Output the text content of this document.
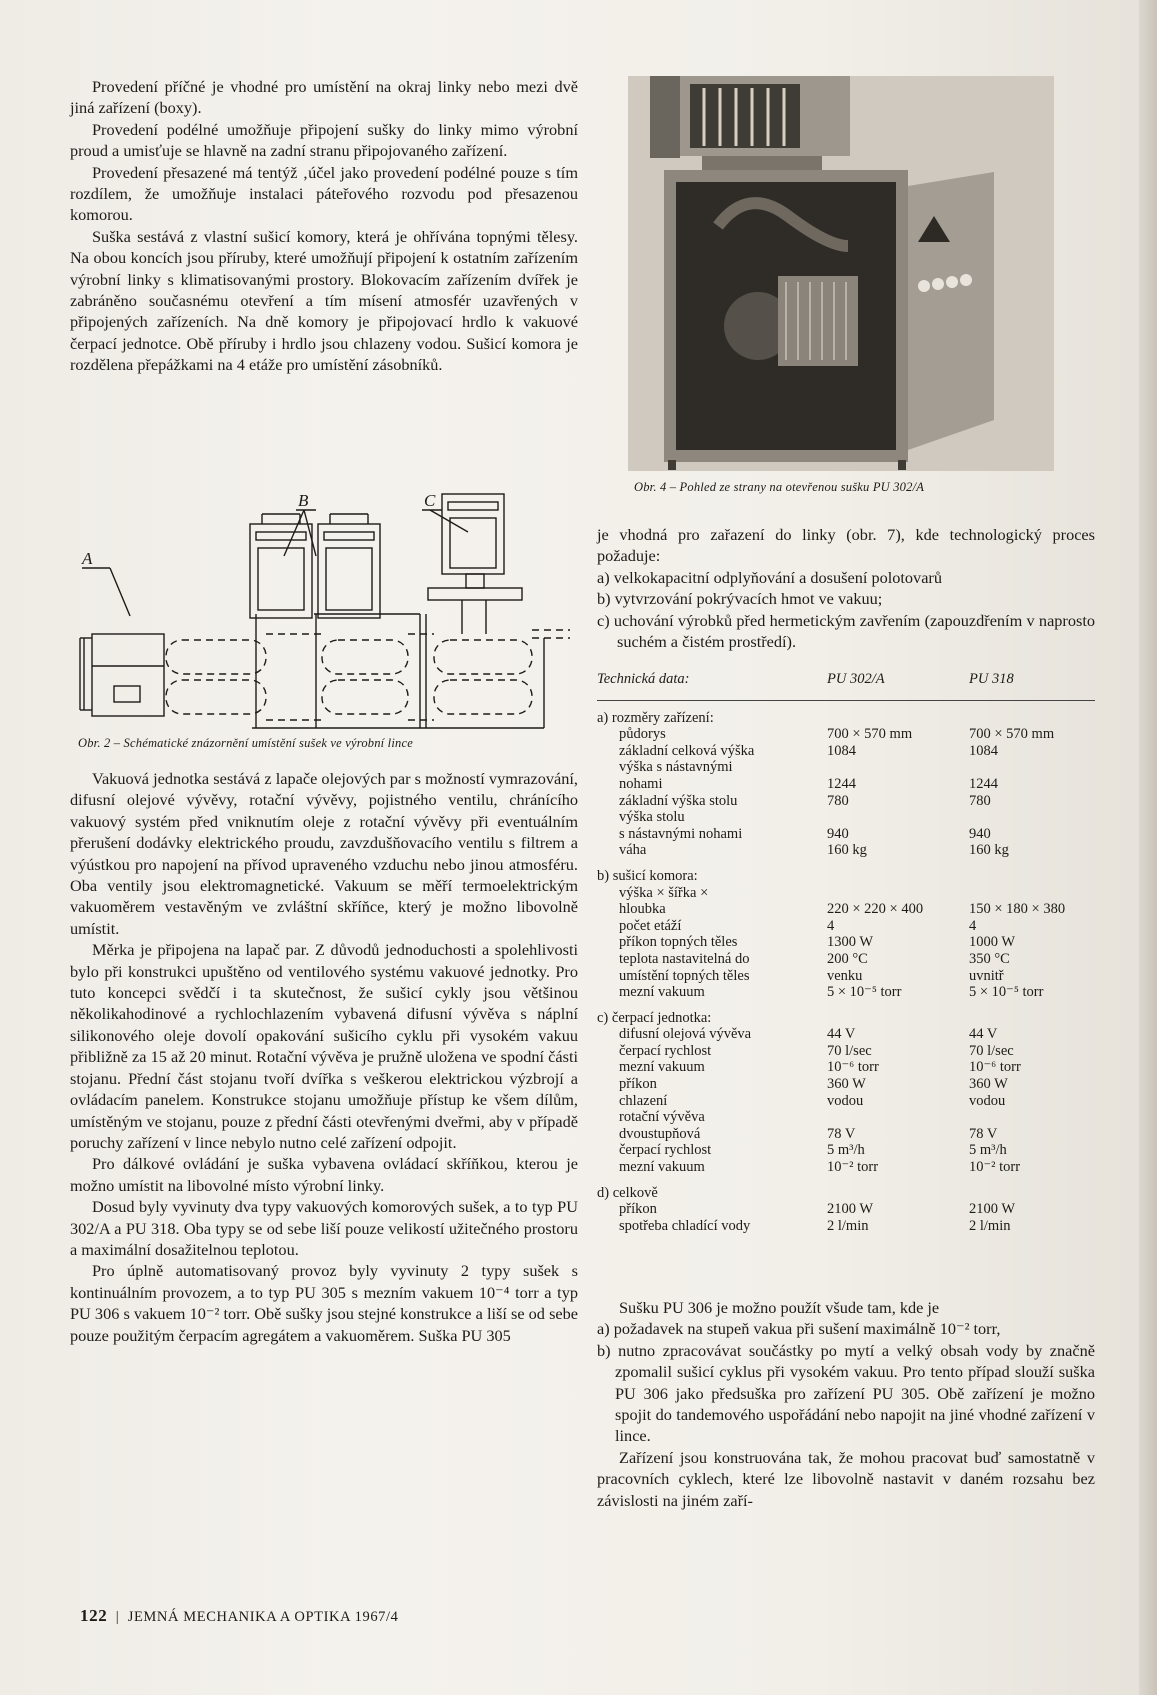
Provedení příčné je vhodné pro umístění na okraj linky nebo mezi dvě jiná zařízení (boxy).

Provedení podélné umožňuje připojení sušky do linky mimo výrobní proud a umisťuje se hlavně na zadní stranu připojovaného zařízení.

Provedení přesazené má tentýž ‚účel jako provedení podélné pouze s tím rozdílem, že umožňuje instalaci páteřového rozvodu pod přesazenou komorou.

Suška sestává z vlastní sušicí komory, která je ohřívána topnými tělesy. Na obou koncích jsou příruby, které umožňují připojení k ostatním zařízením výrobní linky s klimatisovanými prostory. Blokovacím zařízením dvířek je zabráněno současnému otevření a tím mísení atmosfér uzavřených v připojených zařízeních. Na dně komory je připojovací hrdlo k vakuové čerpací jednotce. Obě příruby i hrdlo jsou chlazeny vodou. Sušicí komora je rozdělena přepážkami na 4 etáže pro umístění zásobníků.

A
B	C
Obr. 2 – Schématické znázornění umístění sušek ve výrobní lince

Vakuová jednotka sestává z lapače olejových par s možností vymrazování, difusní olejové vývěvy, rotační vývěvy, pojistného ventilu, chránícího vakuový systém před vniknutím oleje z rotační vývěvy při eventuálním přerušení dodávky elektrického proudu, zavzdušňovacího ventilu s filtrem a výústkou pro napojení na přívod upraveného vzduchu nebo jinou atmosféru. Oba ventily jsou elektromagnetické. Vakuum se měří termoelektrickým vakuoměrem vestavěným ve zvláštní skříňce, který je možno libovolně umístit.

Měrka je připojena na lapač par. Z důvodů jednoduchosti a spolehlivosti bylo při konstrukci upuštěno od ventilového systému vakuové jednotky. Pro tuto koncepci svědčí i ta skutečnost, že sušicí cykly jsou většinou několikahodinové a rychlochlazením vybavená difusní vývěva s náplní silikonového oleje dovolí opakování sušicího cyklu při vysokém vakuu přibližně za 15 až 20 minut. Rotační vývěva je pružně uložena ve spodní části stojanu. Přední část stojanu tvoří dvířka s veškerou elektrickou výzbrojí a ovládacím panelem. Konstrukce stojanu umožňuje přístup ke všem dílům, umístěným ve stojanu, pouze z přední části otevřenými dveřmi, aby v případě poruchy zařízení v lince nebylo nutno celé zařízení odpojit.

Pro dálkové ovládání je suška vybavena ovládací skříňkou, kterou je možno umístit na libovolné místo výrobní linky.

Dosud byly vyvinuty dva typy vakuových komorových sušek, a to typ PU 302/A a PU 318. Oba typy se od sebe liší pouze velikostí užitečného prostoru a maximální dosažitelnou teplotou.

Pro úplně automatisovaný provoz byly vyvinuty 2 typy sušek s kontinuálním provozem, a to typ PU 305 s mezním vakuem 10⁻⁴ torr a typ PU 306 s vakuem 10⁻² torr. Obě sušky jsou stejné konstrukce a liší se od sebe pouze použitým čerpacím agregátem a vakuoměrem. Suška PU 305

Obr. 4 – Pohled ze strany na otevřenou sušku PU 302/A

je vhodná pro zařazení do linky (obr. 7), kde technologický proces požaduje:

a) velkokapacitní odplyňování a dosušení polotovarů

b) vytvrzování pokrývacích hmot ve vakuu;

c) uchování výrobků před hermetickým zavřením (zapouzdřením v naprosto suchém a čistém prostředí).

Technická data:	PU 302/A	PU 318

a) rozměry zařízení:		
půdorys	700 × 570 mm	700 × 570 mm
základní celková výška	1084	1084
výška s nástavnými		
nohami	1244	1244
základní výška stolu	780	780
výška stolu		
s nástavnými nohami	940	940
váha	160 kg	160 kg

b) sušicí komora:		
výška × šířka ×		
hloubka	220 × 220 × 400	150 × 180 × 380
počet etáží	4	4
příkon topných těles	1300 W	1000 W
teplota nastavitelná do	200 °C	350 °C
umístění topných těles	venku	uvnitř
mezní vakuum	5 × 10⁻⁵ torr	5 × 10⁻⁵ torr

c) čerpací jednotka:		
difusní olejová vývěva	44 V	44 V
čerpací rychlost	70 l/sec	70 l/sec
mezní vakuum	10⁻⁶ torr	10⁻⁶ torr
příkon	360 W	360 W
chlazení	vodou	vodou
rotační vývěva		
dvoustupňová	78 V	78 V
čerpací rychlost	5 m³/h	5 m³/h
mezní vakuum	10⁻² torr	10⁻² torr

d) celkově		
příkon	2100 W	2100 W
spotřeba chladící vody	2 l/min	2 l/min

Sušku PU 306 je možno použít všude tam, kde je

a) požadavek na stupeň vakua při sušení maximálně 10⁻² torr,

b) nutno zpracovávat součástky po mytí a velký obsah vody by značně zpomalil sušicí cyklus při vysokém vakuu. Pro tento případ slouží suška PU 306 jako předsuška pro zařízení PU 305. Obě zařízení je možno spojit do tandemového uspořádání nebo napojit na jiné vhodné zařízení v lince.

Zařízení jsou konstruována tak, že mohou pracovat buď samostatně v pracovních cyklech, které lze libovolně nastavit v daném rozsahu bez závislosti na jiném zaří-

122  |  JEMNÁ MECHANIKA A OPTIKA 1967/4
